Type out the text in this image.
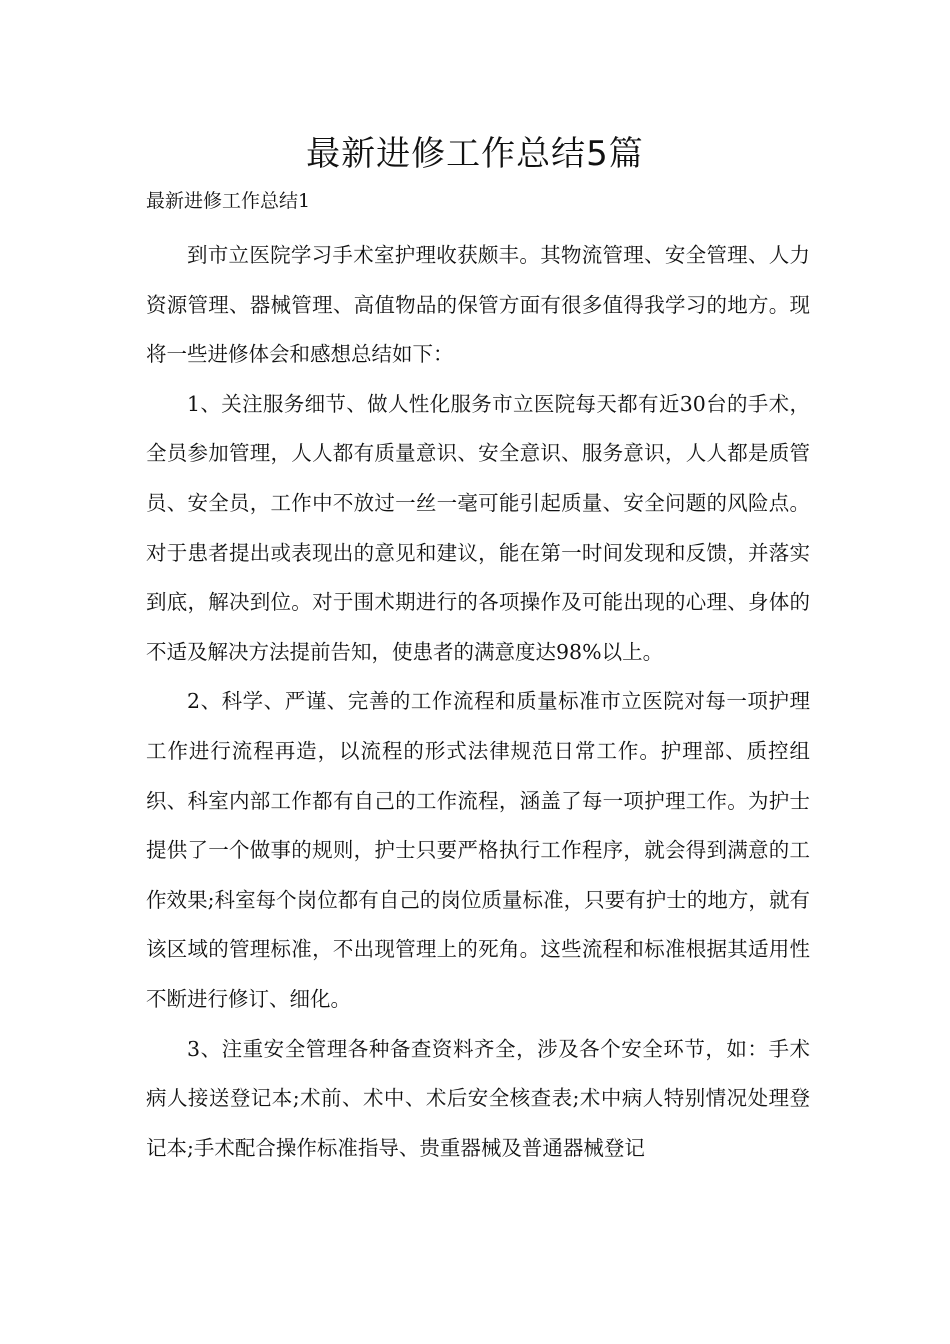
最新进修工作总结5篇

最新进修工作总结1

到市立医院学习手术室护理收获颇丰。其物流管理、安全管理、人力资源管理、器械管理、高值物品的保管方面有很多值得我学习的地方。现将一些进修体会和感想总结如下：

1、关注服务细节、做人性化服务市立医院每天都有近30台的手术，全员参加管理，人人都有质量意识、安全意识、服务意识，人人都是质管员、安全员，工作中不放过一丝一毫可能引起质量、安全问题的风险点。对于患者提出或表现出的意见和建议，能在第一时间发现和反馈，并落实到底，解决到位。对于围术期进行的各项操作及可能出现的心理、身体的不适及解决方法提前告知，使患者的满意度达98%以上。

2、科学、严谨、完善的工作流程和质量标准市立医院对每一项护理工作进行流程再造，以流程的形式法律规范日常工作。护理部、质控组织、科室内部工作都有自己的工作流程，涵盖了每一项护理工作。为护士提供了一个做事的规则，护士只要严格执行工作程序，就会得到满意的工作效果;科室每个岗位都有自己的岗位质量标准，只要有护士的地方，就有该区域的管理标准，不出现管理上的死角。这些流程和标准根据其适用性不断进行修订、细化。

3、注重安全管理各种备查资料齐全，涉及各个安全环节，如：手术病人接送登记本;术前、术中、术后安全核查表;术中病人特别情况处理登记本;手术配合操作标准指导、贵重器械及普通器械登记
